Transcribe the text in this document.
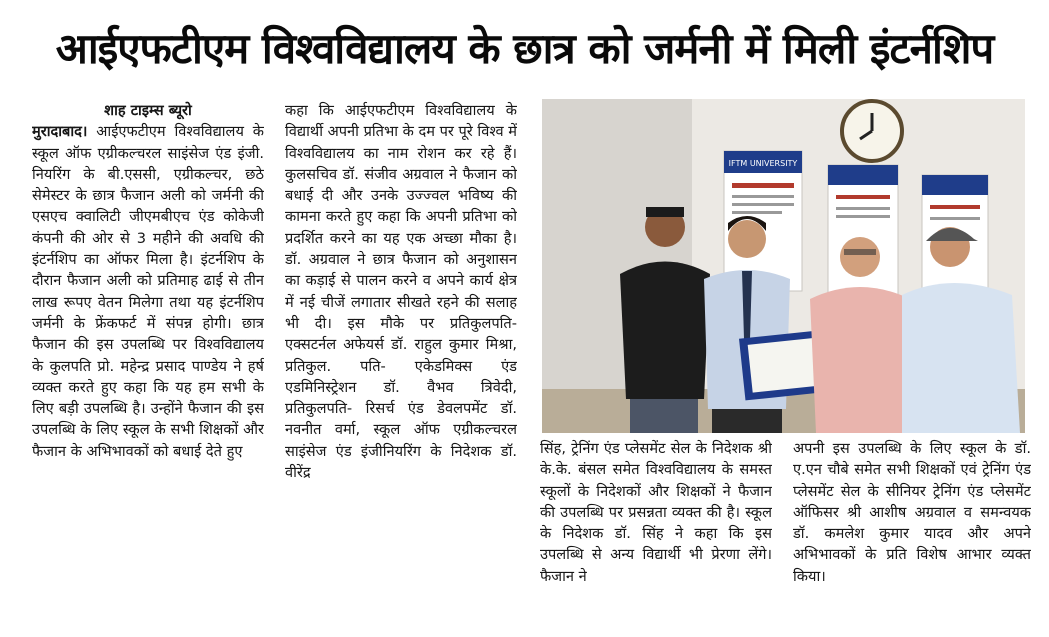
आईएफटीएम विश्वविद्यालय के छात्र को जर्मनी में मिली इंटर्नशिप

शाह टाइम्स ब्यूरो

मुरादाबाद। आईएफटीएम विश्वविद्यालय के स्कूल ऑफ एग्रीकल्चरल साइंसेज एंड इंजी. नियरिंग के बी.एससी, एग्रीकल्चर, छठे सेमेस्टर के छात्र फैजान अली को जर्मनी की एसएच क्वालिटी जीएमबीएच एंड कोकेजी कंपनी की ओर से 3 महीने की अवधि की इंटर्नशिप का ऑफर मिला है। इंटर्नशिप के दौरान फैजान अली को प्रतिमाह ढाई से तीन लाख रूपए वेतन मिलेगा तथा यह इंटर्नशिप जर्मनी के फ्रेंकफर्ट में संपन्न होगी। छात्र फैजान की इस उपलब्धि पर विश्वविद्यालय के कुलपति प्रो. महेन्द्र प्रसाद पाण्डेय ने हर्ष व्यक्त करते हुए कहा कि यह हम सभी के लिए बड़ी उपलब्धि है। उन्होंने फैजान की इस उपलब्धि के लिए स्कूल के सभी शिक्षकों और फैजान के अभिभावकों को बधाई देते हुए

कहा कि आईएफटीएम विश्वविद्यालय के विद्यार्थी अपनी प्रतिभा के दम पर पूरे विश्व में विश्वविद्यालय का नाम रोशन कर रहे हैं। कुलसचिव डॉ. संजीव अग्रवाल ने फैजान को बधाई दी और उनके उज्ज्वल भविष्य की कामना करते हुए कहा कि अपनी प्रतिभा को प्रदर्शित करने का यह एक अच्छा मौका है। डॉ. अग्रवाल ने छात्र फैजान को अनुशासन का कड़ाई से पालन करने व अपने कार्य क्षेत्र में नई चीजें लगातार सीखते रहने की सलाह भी दी। इस मौके पर प्रतिकुलपति- एक्सटर्नल अफेयर्स डॉ. राहुल कुमार मिश्रा, प्रतिकुल. पति- एकेडमिक्स एंड एडमिनिस्ट्रेशन डॉ. वैभव त्रिवेदी, प्रतिकुलपति- रिसर्च एंड डेवलपमेंट डॉ. नवनीत वर्मा, स्कूल ऑफ एग्रीकल्चरल साइंसेज एंड इंजीनियरिंग के निदेशक डॉ. वीरेंद्र

IFTM UNIVERSITY

सिंह, ट्रेनिंग एंड प्लेसमेंट सेल के निदेशक श्री के.के. बंसल समेत विश्वविद्यालय के समस्त स्कूलों के निदेशकों और शिक्षकों ने फैजान की उपलब्धि पर प्रसन्नता व्यक्त की है। स्कूल के निदेशक डॉ. सिंह ने कहा कि इस उपलब्धि से अन्य विद्यार्थी भी प्रेरणा लेंगे। फैजान ने

अपनी इस उपलब्धि के लिए स्कूल के डॉ. ए.एन चौबे समेत सभी शिक्षकों एवं ट्रेनिंग एंड प्लेसमेंट सेल के सीनियर ट्रेनिंग एंड प्लेसमेंट ऑफिसर श्री आशीष अग्रवाल व समन्वयक डॉ. कमलेश कुमार यादव और अपने अभिभावकों के प्रति विशेष आभार व्यक्त किया।
